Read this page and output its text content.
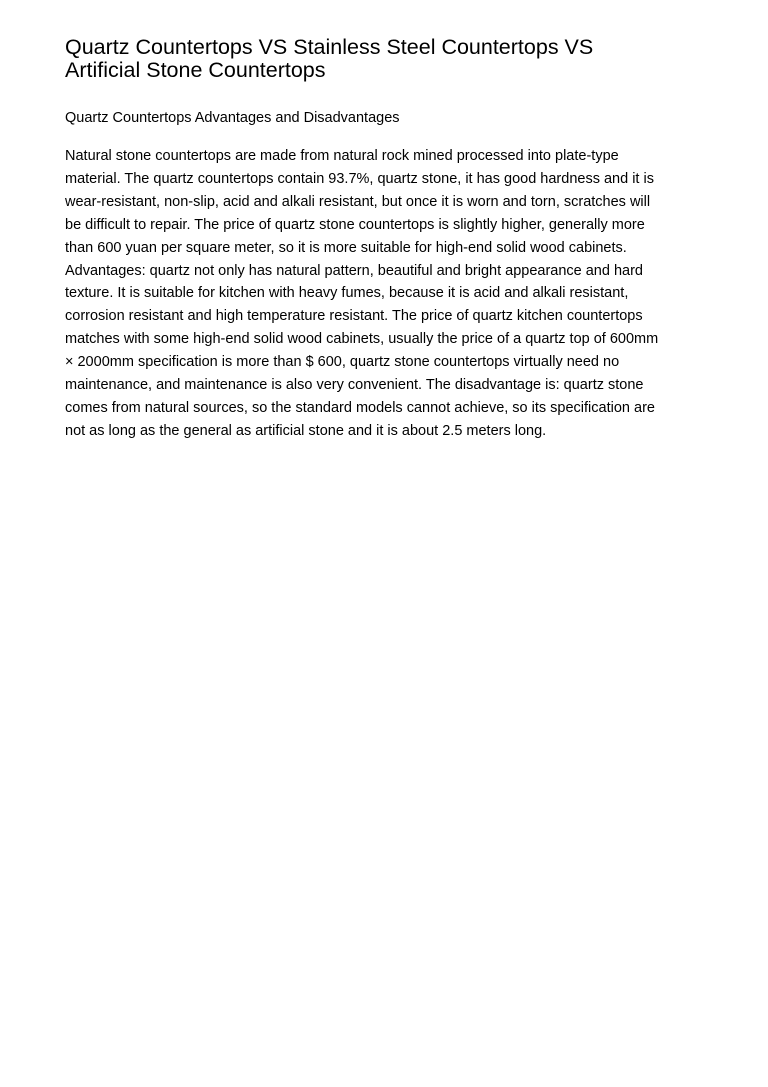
Quartz Countertops VS Stainless Steel Countertops VS
Artificial Stone Countertops
Quartz Countertops Advantages and Disadvantages
Natural stone countertops are made from natural rock mined processed into plate-type
material. The quartz countertops contain 93.7%, quartz stone, it has good hardness and it is
wear-resistant, non-slip, acid and alkali resistant, but once it is worn and torn, scratches will
be difficult to repair. The price of quartz stone countertops is slightly higher, generally more
than 600 yuan per square meter, so it is more suitable for high-end solid wood cabinets.
Advantages: quartz not only has natural pattern, beautiful and bright appearance and hard
texture. It is suitable for kitchen with heavy fumes, because it is acid and alkali resistant,
corrosion resistant and high temperature resistant. The price of quartz kitchen countertops
matches with some high-end solid wood cabinets, usually the price of a quartz top of 600mm
× 2000mm specification is more than $ 600, quartz stone countertops virtually need no
maintenance, and maintenance is also very convenient. The disadvantage is: quartz stone
comes from natural sources, so the standard models cannot achieve, so its specification are
not as long as the general as artificial stone and it is about 2.5 meters long.
